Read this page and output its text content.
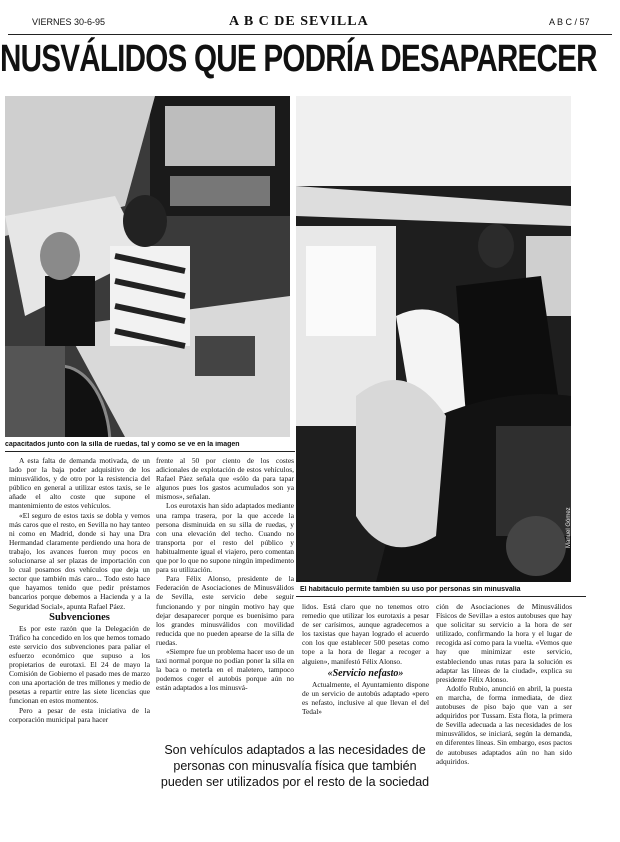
VIERNES 30-6-95	A B C DE SEVILLA	A B C / 57
NUSVÁLIDOS QUE PODRÍA DESAPARECER
capacitados junto con la silla de ruedas, tal y como se ve en la imagen
Manuel Gómez
El habitáculo permite también su uso por personas sin minusvalía

A esta falta de demanda motivada, de un lado por la baja poder adquisitivo de los minusválidos, y de otro por la resistencia del público en general a utilizar estos taxis, se le añade el alto coste que supone el mantenimiento de estos vehículos.

«El seguro de estos taxis se dobla y vemos más caros que el resto, en Sevilla no hay tanteo ni como en Madrid, donde si hay una Dra Hermandad claramente perdiendo una hora de trabajo, los avances fueron muy pocos en solucionarse al ser plazas de importación con lo cual posamos dos vehículos que deja un sector que también más caro... Todo esto hace que hayamos tenido que pedir préstamos bancarios porque debemos a Hacienda y a la Seguridad Social», apunta Rafael Páez.

Subvenciones

Es por este razón que la Delegación de Tráfico ha concedido en los que hemos tomado este servicio dos subvenciones para paliar el esfuerzo económico que supuso a los propietarios de eurotaxi. El 24 de mayo la Comisión de Gobierno el pasado mes de marzo con una aportación de tres millones y medio de pesetas a repartir entre las siete licencias que funcionan en estos momentos.

Pero a pesar de esta iniciativa de la corporación municipal para hacer

frente al 50 por ciento de los costes adicionales de explotación de estos vehículos, Rafael Páez señala que «sólo da para tapar algunos pues los gastos acumulados son ya mismos», señalan.

Los eurotaxis han sido adaptados mediante una rampa trasera, por la que accede la persona disminuida en su silla de ruedas, y con una elevación del techo. Cuando no transporta por el resto del público y habitualmente igual el viajero, pero comentan que por lo que no supone ningún impedimento para su utilización.

Para Félix Alonso, presidente de la Federación de Asociaciones de Minusválidos de Sevilla, este servicio debe seguir funcionando y por ningún motivo hay que dejar desaparecer porque es buenísimo para los grandes minusválidos con movilidad reducida que no pueden apearse de la silla de ruedas.

«Siempre fue un problema hacer uso de un taxi normal porque no podían poner la silla en la baca o meterla en el maletero, tampoco podemos coger el autobús porque aún no están adaptados a los minusvá-

lidos. Está claro que no tenemos otro remedio que utilizar los eurotaxis a pesar de ser carísimos, aunque agradecemos a los taxistas que hayan logrado el acuerdo con los que establecer 500 pesetas como tope a la hora de llegar a recoger a alguien», manifestó Félix Alonso.

«Servicio nefasto»

Actualmente, el Ayuntamiento dispone de un servicio de autobús adaptado «pero es nefasto, inclusive al que llevan el del Tedal»

ción de Asociaciones de Minusválidos Físicos de Sevilla» a estos autobuses que hay que solicitar su servicio a la hora de ser utilizado, confirmando la hora y el lugar de recogida así como para la vuelta. «Vemos que hay que minimizar este servicio, estableciendo unas rutas para la solución es adaptar las líneas de la ciudad», explica su presidente Félix Alonso.

Adolfo Rubio, anunció en abril, la puesta en marcha, de forma inmediata, de diez autobuses de piso bajo que van a ser adquiridos por Tussam. Esta flota, la primera de Sevilla adecuada a las necesidades de los minusválidos, se iniciará, según la demanda, en diferentes líneas. Sin embargo, esos pactos de autobuses adaptados aún no han sido adquiridos.

Son vehículos adaptados a las necesidades de personas con minusvalía física que también pueden ser utilizados por el resto de la sociedad
